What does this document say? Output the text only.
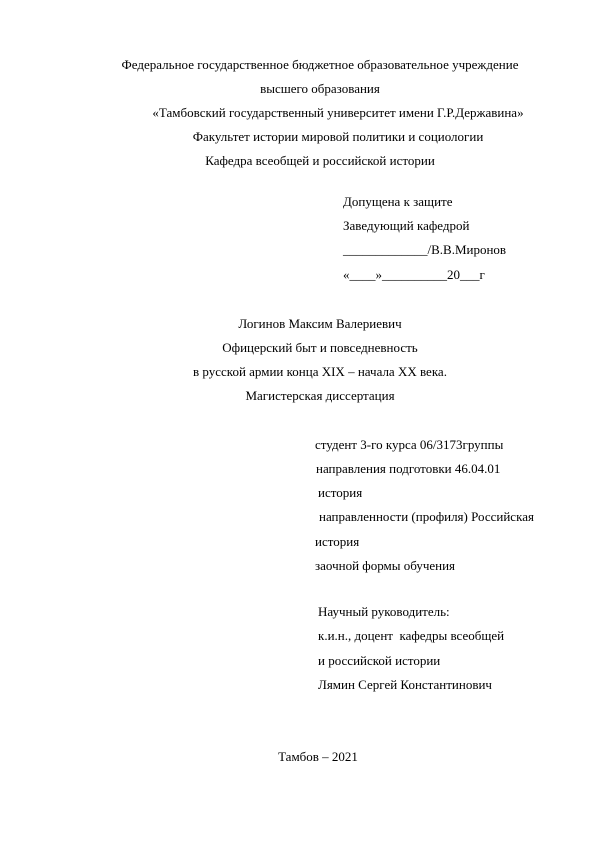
Федеральное государственное бюджетное образовательное учреждение

высшего образования

«Тамбовский государственный университет имени Г.Р.Державина»

Факультет истории мировой политики и социологии

Кафедра всеобщей и российской истории

Допущена к защите

Заведующий кафедрой

_____________/В.В.Миронов

«____»__________20___г

Логинов Максим Валериевич

Офицерский быт и повседневность

в русской армии конца XIX – начала XX века.

Магистерская диссертация

студент 3-го курса 06/3173группы

направления подготовки 46.04.01

история

направленности (профиля) Российская

история

заочной формы обучения

Научный руководитель:

к.и.н., доцент  кафедры всеобщей

и российской истории

Лямин Сергей Константинович

Тамбов – 2021
